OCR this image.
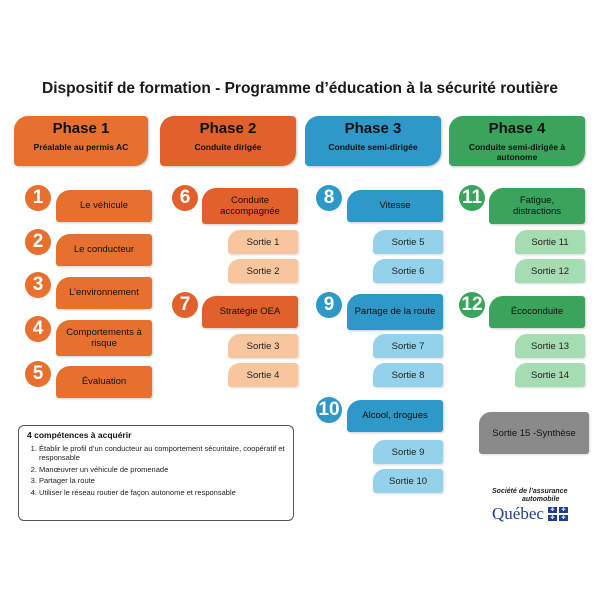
Dispositif de formation - Programme d’éducation à la sécurité routière
Phase 1
Préalable au permis AC
Phase 2
Conduite dirigée
Phase 3
Conduite semi-dirigée
Phase 4
Conduite semi-dirigée à autonome
1	Le véhicule
2	Le conducteur
3	L’environnement
4	Comportements à risque
5	Évaluation
6	Conduite accompagnée
Sortie 1
Sortie 2
7	Stratégie OEA
Sortie 3
Sortie 4
8	Vitesse
Sortie 5
Sortie 6
9	Partage de la route
Sortie 7
Sortie 8
10	Alcool, drogues
Sortie 9
Sortie 10
11	Fatigue, distractions
Sortie 11
Sortie 12
12	Écoconduite
Sortie 13
Sortie 14
Sortie 15 -Synthèse
4 compétences à acquérir
1. Établir le profil d’un conducteur au comportement sécuritaire, coopératif et responsable
2. Manœuvrer un véhicule de promenade
3. Partager la route
4. Utiliser le réseau routier de façon autonome et responsable	Société de l’assurance
automobile
Québec	✤	✤
✤	✤
